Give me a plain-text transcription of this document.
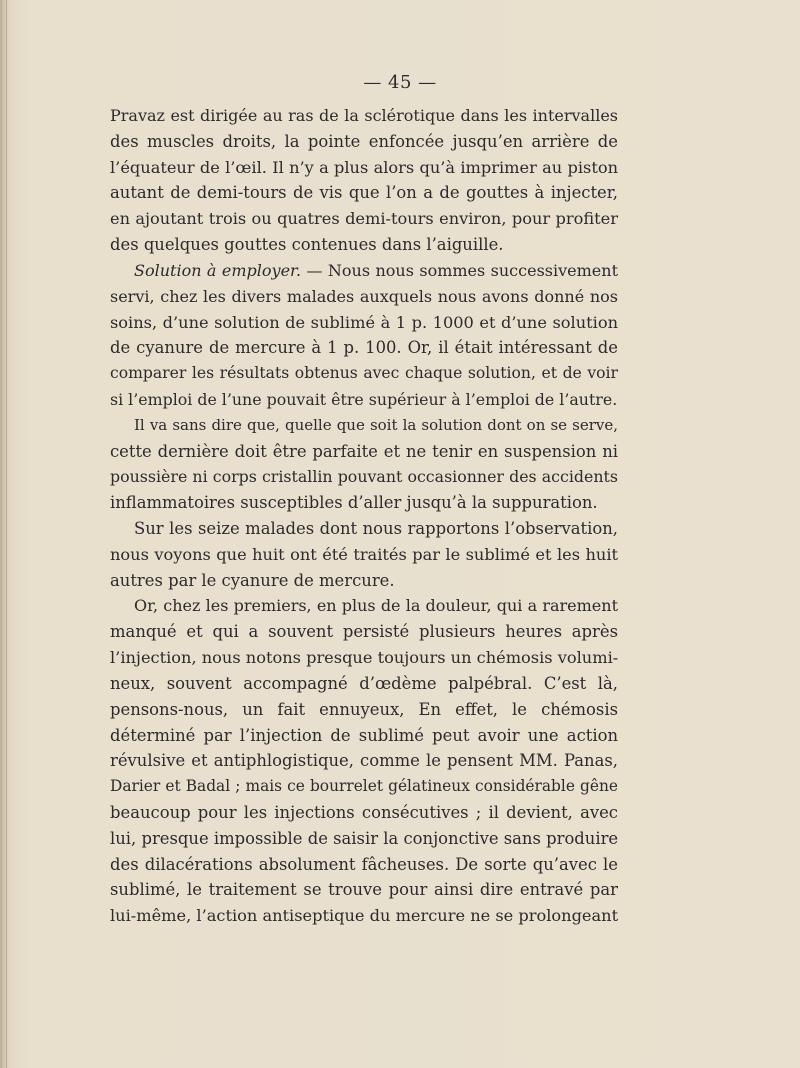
— 45 —
Pravaz est dirigée au ras de la sclérotique dans les intervalles
des muscles droits, la pointe enfoncée jusqu’en arrière de
l’équateur de l’œil. Il n’y a plus alors qu’à imprimer au piston
autant de demi-tours de vis que l’on a de gouttes à injecter,
en ajoutant trois ou quatres demi-tours environ, pour profiter
des quelques gouttes contenues dans l’aiguille.
Solution à employer. — Nous nous sommes successivement
servi, chez les divers malades auxquels nous avons donné nos
soins, d’une solution de sublimé à 1 p. 1000 et d’une solution
de cyanure de mercure à 1 p. 100. Or, il était intéressant de
comparer les résultats obtenus avec chaque solution, et de voir
si l’emploi de l’une pouvait être supérieur à l’emploi de l’autre.
Il va sans dire que, quelle que soit la solution dont on se serve,
cette dernière doit être parfaite et ne tenir en suspension ni
poussière ni corps cristallin pouvant occasionner des accidents
inflammatoires susceptibles d’aller jusqu’à la suppuration.
Sur les seize malades dont nous rapportons l’observation,
nous voyons que huit ont été traités par le sublimé et les huit
autres par le cyanure de mercure.
Or, chez les premiers, en plus de la douleur, qui a rarement
manqué et qui a souvent persisté plusieurs heures après
l’injection, nous notons presque toujours un chémosis volumi-
neux, souvent accompagné d’œdème palpébral. C’est là,
pensons-nous, un fait ennuyeux, En effet, le chémosis
déterminé par l’injection de sublimé peut avoir une action
révulsive et antiphlogistique, comme le pensent MM. Panas,
Darier et Badal ; mais ce bourrelet gélatineux considérable gêne
beaucoup pour les injections consécutives ; il devient, avec
lui, presque impossible de saisir la conjonctive sans produire
des dilacérations absolument fâcheuses. De sorte qu’avec le
sublimé, le traitement se trouve pour ainsi dire entravé par
lui-même, l’action antiseptique du mercure ne se prolongeant
